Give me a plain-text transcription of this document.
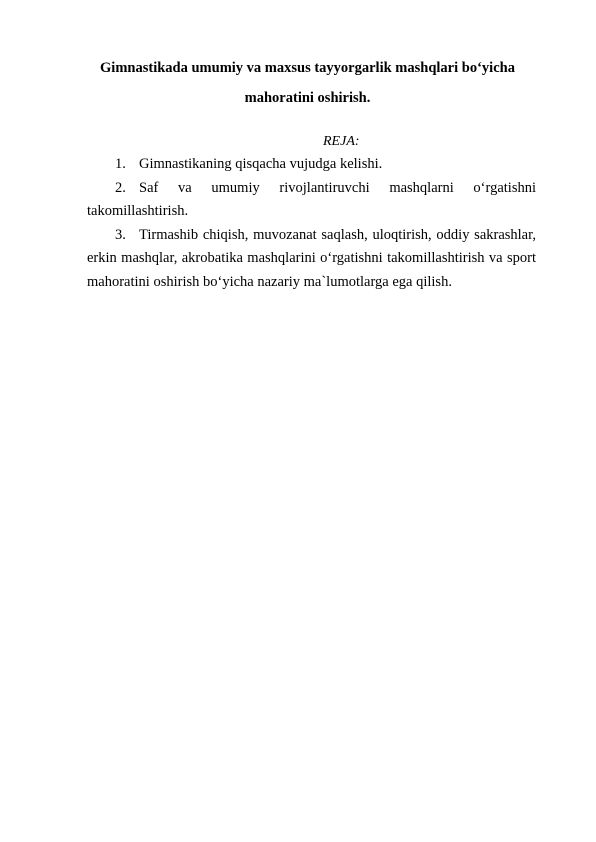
Gimnastikada umumiy va maxsus tayyorgarlik mashqlari bo‘yicha mahoratini oshirish.
REJA:

1. Gimnastikaning qisqacha vujudga kelishi.

2. Saf va umumiy rivojlantiruvchi mashqlarni o‘rgatishni takomillashtirish.

3. Tirmashib chiqish, muvozanat saqlash, uloqtirish, oddiy sakrashlar, erkin mashqlar, akrobatika mashqlarini o‘rgatishni takomillashtirish va sport mahoratini oshirish bo‘yicha nazariy ma`lumotlarga ega qilish.
